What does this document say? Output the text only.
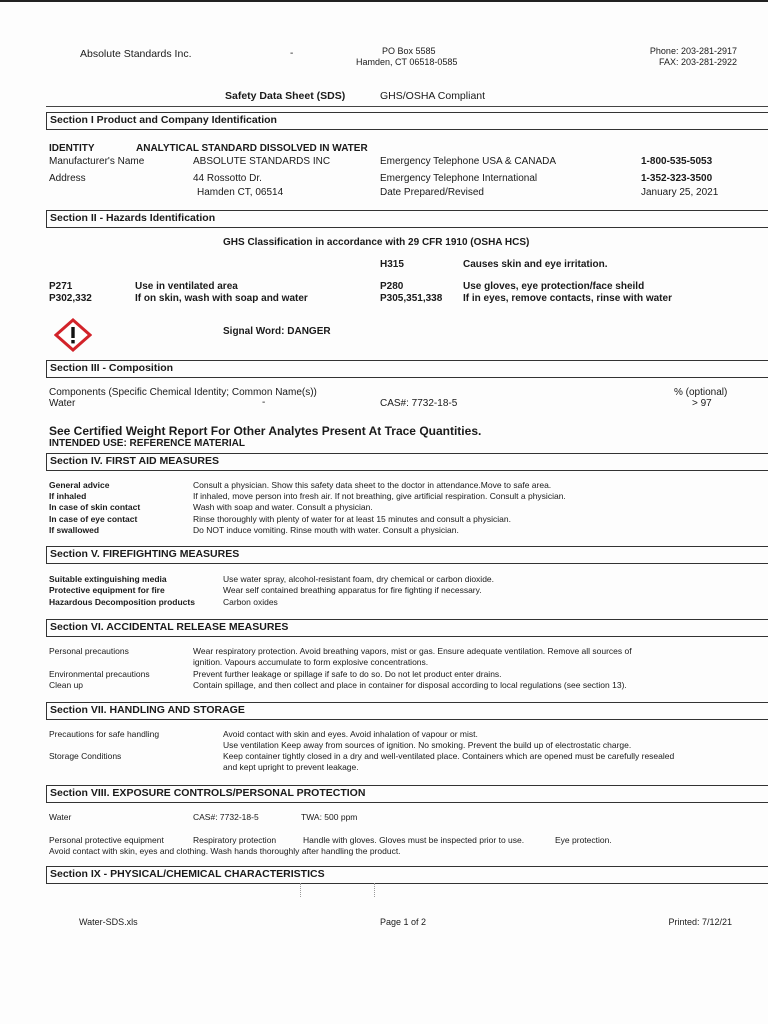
Absolute Standards Inc.	-	PO Box 5585
Hamden, CT 06518-0585
Phone: 203-281-2917
FAX: 203-281-2922
Safety Data Sheet (SDS)	GHS/OSHA Compliant
Section I Product and Company Identification
IDENTITY	ANALYTICAL STANDARD DISSOLVED IN WATER
Manufacturer's Name	ABSOLUTE STANDARDS INC
Address	44 Rossotto Dr.
Hamden CT, 06514
Emergency Telephone USA & CANADA	1-800-535-5053
Emergency Telephone International	1-352-323-3500
Date Prepared/Revised	January 25, 2021
Section II - Hazards Identification
GHS Classification in accordance with 29 CFR 1910 (OSHA HCS)
H315	Causes skin and eye irritation.
P271	Use in ventilated area
P302,332	If on skin, wash with soap and water
P280	Use gloves, eye protection/face sheild
P305,351,338 If in eyes, remove contacts, rinse with water
Signal Word: DANGER
Section III - Composition
Components (Specific Chemical Identity; Common Name(s))	% (optional)
Water	-	CAS#: 7732-18-5	> 97
See Certified Weight Report For Other Analytes Present At Trace Quantities.
INTENDED USE: REFERENCE MATERIAL
Section IV. FIRST AID MEASURES
General advice	Consult a physician. Show this safety data sheet to the doctor in attendance.Move to safe area.
If inhaled	If inhaled, move person into fresh air. If not breathing, give artificial respiration. Consult a physician.
In case of skin contact	Wash with soap and water. Consult a physician.
In case of eye contact	Rinse thoroughly with plenty of water for at least 15 minutes and consult a physician.
If swallowed	Do NOT induce vomiting. Rinse mouth with water. Consult a physician.
Section V. FIREFIGHTING MEASURES
Suitable extinguishing media	Use water spray, alcohol-resistant foam, dry chemical or carbon dioxide.
Protective equipment for fire	Wear self contained breathing apparatus for fire fighting if necessary.
Hazardous Decomposition products	Carbon oxides
Section VI. ACCIDENTAL RELEASE MEASURES
Personal precautions	Wear respiratory protection. Avoid breathing vapors, mist or gas. Ensure adequate ventilation. Remove all sources of
ignition. Vapours accumulate to form explosive concentrations.
Environmental precautions	Prevent further leakage or spillage if safe to do so. Do not let product enter drains.
Clean up	Contain spillage, and then collect and place in container for disposal according to local regulations (see section 13).
Section VII. HANDLING AND STORAGE
Precautions for safe handling	Avoid contact with skin and eyes. Avoid inhalation of vapour or mist.
Use ventilation Keep away from sources of ignition. No smoking. Prevent the build up of electrostatic charge.
Storage Conditions	Keep container tightly closed in a dry and well-ventilated place. Containers which are opened must be carefully resealed
and kept upright to prevent leakage.
Section VIII. EXPOSURE CONTROLS/PERSONAL PROTECTION
Water	CAS#: 7732-18-5	TWA: 500 ppm
Personal protective equipment	Respiratory protection	Handle with gloves. Gloves must be inspected prior to use.	Eye protection.
Avoid contact with skin, eyes and clothing. Wash hands thoroughly after handling the product.
Section IX - PHYSICAL/CHEMICAL CHARACTERISTICS
Water-SDS.xls	Page 1 of 2	Printed: 7/12/21
